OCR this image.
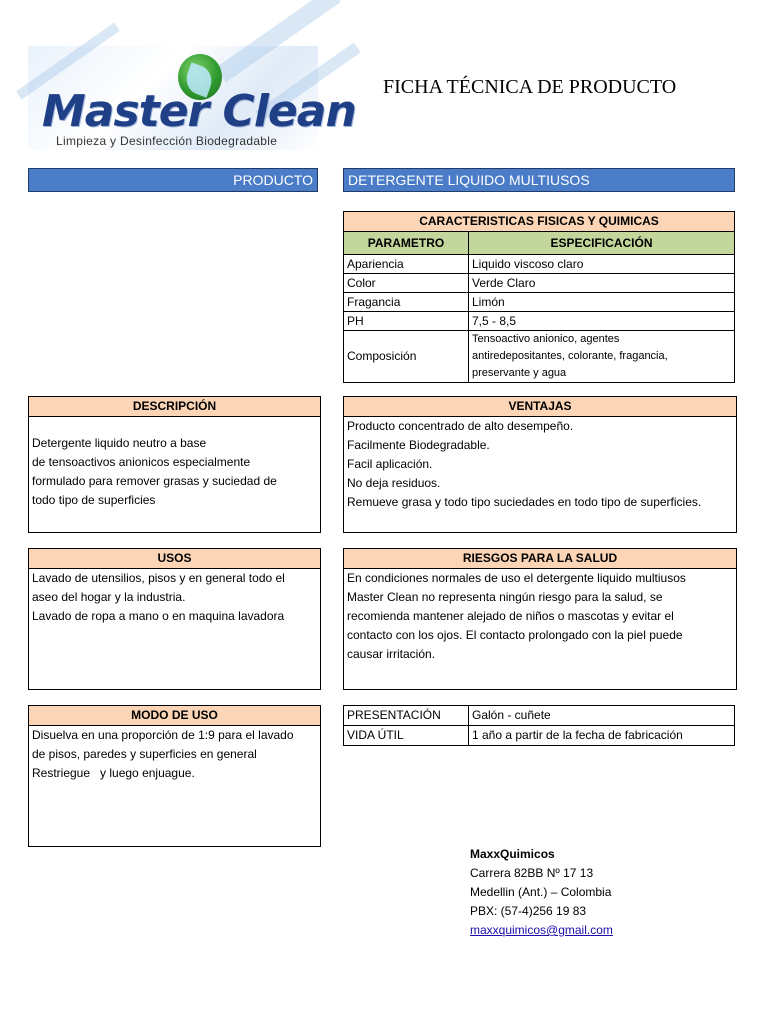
Master Clean
Limpieza y Desinfección Biodegradable
FICHA TÉCNICA DE PRODUCTO
PRODUCTO	DETERGENTE LIQUIDO MULTIUSOS
CARACTERISTICAS FISICAS Y QUIMICAS	
PARAMETRO	ESPECIFICACIÓN
Apariencia	Liquido viscoso claro
Color	Verde Claro
Fragancia	Limón
PH	7,5 - 8,5
Composición	Tensoactivo anionico, agentes
antiredepositantes, colorante, fragancia,
preservante y agua
DESCRIPCIÓN
Detergente liquido neutro a base
de tensoactivos anionicos especialmente
formulado para remover grasas y suciedad de
todo tipo de superficies
VENTAJAS
Producto concentrado de alto desempeño.
Facilmente Biodegradable.
Facil aplicación.
No deja residuos.
Remueve grasa y todo tipo suciedades en todo tipo de superficies.
USOS
Lavado de utensilios, pisos y en general todo el
aseo del hogar y la industria.
Lavado de ropa a mano o en maquina lavadora
RIESGOS PARA LA SALUD
En condiciones normales de uso el detergente liquido multiusos
Master Clean no representa ningún riesgo para la salud, se
recomienda mantener alejado de niños o mascotas y evitar el
contacto con los ojos. El contacto prolongado con la piel puede
causar irritación.
MODO DE USO
Disuelva en una proporción de 1:9 para el lavado
de pisos, paredes y superficies en general
Restriegue   y luego enjuague.
PRESENTACIÓN	Galón - cuñete
VIDA ÚTIL	1 año a partir de la fecha de fabricación
MaxxQuimicos
Carrera 82BB Nº 17 13
Medellin (Ant.) – Colombia
PBX: (57-4)256 19 83
maxxquimicos@gmail.com
